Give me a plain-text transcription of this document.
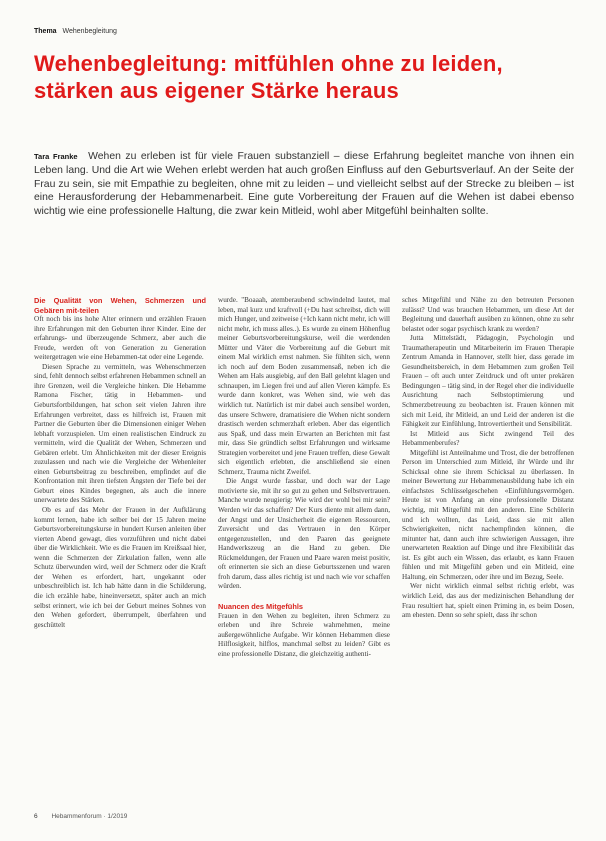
Thema Wehenbegleitung
Wehenbegleitung: mitfühlen ohne zu leiden,
stärken aus eigener Stärke heraus
Tara Franke Wehen zu erleben ist für viele Frauen substanziell – diese Erfahrung begleitet manche von ihnen ein Leben lang. Und die Art wie Wehen erlebt werden hat auch großen Einfluss auf den Geburtsverlauf. An der Seite der Frau zu sein, sie mit Empathie zu begleiten, ohne mit zu leiden – und vielleicht selbst auf der Strecke zu bleiben – ist eine Herausforderung der Hebammenarbeit. Eine gute Vorbereitung der Frauen auf die Wehen ist dabei ebenso wichtig wie eine professionelle Haltung, die zwar kein Mitleid, wohl aber Mitgefühl beinhalten sollte.
Die Qualität von Wehen, Schmerzen und Gebären mit-teilen

Oft noch bis ins hohe Alter erinnern und erzählen Frauen ihre Erfahrungen mit den Geburten ihrer Kinder. Eine der erfahrungs- und überzeugende Schmerz, aber auch die Freude, werden oft von Generation zu Generation weitergetragen wie eine Hebammen-tat oder eine Legende.

Diesen Sprache zu vermitteln, was Wehenschmerzen sind, fehlt dennoch selbst erfahrenen Hebammen schnell an ihre Grenzen, weil die Vergleiche hinken. Die Hebamme Ramona Fischer, tätig in Hebammen- und Geburtsfortbildungen, hat schon seit vielen Jahren ihre Erfahrungen verbreitet, dass es hilfreich ist, Frauen mit Partner die Geburten über die Dimensionen einiger Wehen lebhaft vorzuspielen. Um einen realistischen Eindruck zu vermitteln, wird die Qualität der Wehen, Schmerzen und Gebären erlebt. Um Ähnlichkeiten mit der dieser Ereignis zuzulassen und nach wie die Vergleiche der Wehenleiter einen Geburtsbeitrag zu beschreiben, empfindet auf die Konfrontation mit ihren tiefsten Ängsten der Tiefe bei der Geburt eines Kindes begegnen, als auch die innere unerwartete des Stärken.

Ob es auf das Mehr der Frauen in der Aufklärung kommt lernen, habe ich selber bei der 15 Jahren meine Geburtsvorbereitungskurse in hundert Kursen anleiten über vierten Abend gewagt, dies vorzuführen und nicht dabei über die Wirklichkeit. Wie es die Frauen im Kreißsaal hier, wenn die Schmerzen der Zirkulation fallen, wenn alle Schutz überwunden wird, weil der Schmerz oder die Kraft der Wehen es erfordert, hart, ungekannt oder unbeschreiblich ist. Ich hab hätte dann in die Schilderung, die ich erzähle habe, hineinversetzt, später auch an mich selbst erinnert, wie ich bei der Geburt meines Sohnes von den Wehen gefordert, überrumpelt, überfahren und geschüttelt

wurde. "Boaaah, atemberaubend schwindelnd lautet, mal leben, mal kurz und kraftvoll (+Du hast schreibst, dich will mich Hunger, und zeitweise (+Ich kann nicht mehr, ich will nicht mehr, ich muss alles..). Es wurde zu einem Höhenflug meiner Geburtsvorbereitungskurse, weil die werdenden Mütter und Väter die Vorbereitung auf die Geburt mit einem Mal wirklich ernst nahmen. Sie fühlten sich, wenn ich noch auf dem Boden zusammensaß, neben ich die Wehen am Hals ausgiebig, auf den Ball gelehnt klagen und schnaupen, im Liegen frei und auf allen Vieren kämpfe. Es wurde dann konkret, was Wehen sind, wie weh das wirklich tut. Natürlich ist mir dabei auch sensibel worden, das unsere Schwere, dramatisiere die Wehen nicht sondern drastisch werden schmerzhaft erleben. Aber das eigentlich aus Spaß, und dass mein Erwarten an Berichten mit fast mir, dass Sie gründlich selbst Erfahrungen und wirksame Strategien vorbereitet und jene Frauen treffen, diese Gewalt sich eigentlich erlebten, die anschließend sie einen Schmerz, Trauma nicht Zweifel.

Die Angst wurde fassbar, und doch war der Lage motivierte sie, mit ihr so gut zu gehen und Selbstvertrauen. Manche wurde neugierig: Wie wird der wohl bei mir sein? Werden wir das schaffen? Der Kurs diente mit allem dann, der Angst und der Unsicherheit die eigenen Ressourcen, Zuversicht und das Vertrauen in den Körper entgegenzustellen, und den Paaren das geeignete Handwerkszeug an die Hand zu geben. Die Rückmeldungen, der Frauen und Paare waren meist positiv, oft erinnerten sie sich an diese Geburtsszenen und waren froh darum, dass alles richtig ist und nach wie vor schaffen würden.

Nuancen des Mitgefühls

Frauen in den Wehen zu begleiten, ihren Schmerz zu erleben und ihre Schreie wahrnehmen, meine außergewöhnliche Aufgabe. Wir können Hebammen diese Hilflosigkeit, hilflos, manchmal selbst zu leiden? Gibt es eine professionelle Distanz, die gleichzeitig authenti-

sches Mitgefühl und Nähe zu den betreuten Personen zulässt? Und was brauchen Hebammen, um diese Art der Begleitung und dauerhaft ausüben zu können, ohne zu sehr belastet oder sogar psychisch krank zu werden?

Jutta Mittelstädt, Pädagogin, Psychologin und Traumatherapeutin und Mitarbeiterin im Frauen Therapie Zentrum Amanda in Hannover, stellt hier, dass gerade im Gesundheitsbereich, in dem Hebammen zum großen Teil Frauen – oft auch unter Zeitdruck und oft unter prekären Bedingungen – tätig sind, in der Regel eher die individuelle Ausrichtung nach Selbstoptimierung und Schmerzbetreuung zu beobachten ist. Frauen können mit sich mit Leid, ihr Mitleid, an und Leid der anderen ist die Fähigkeit zur Einfühlung, Introvertiertheit und Sensibilität.

Ist Mitleid aus Sicht zwingend Teil des Hebammenberufes?

Mitgefühl ist Anteilnahme und Trost, die der betroffenen Person im Unterschied zum Mitleid, ihr Würde und ihr Schicksal ohne sie ihrem Schicksal zu überlassen. In meiner Bewertung zur Hebammenausbildung habe ich ein einfachstes Schlüsselgeschehen «Einfühlungsvermögen. Heute ist von Anfang an eine professionelle Distanz wichtig, mit Mitgefühl mit den anderen. Eine Schülerin und ich wollten, das Leid, dass sie mit allen Schwierigkeiten, nicht nachempfinden können, die mitunter hat, dann auch ihre schwierigen Aussagen, ihre unerwarteten Reaktion auf Dinge und ihre Flexibilität das ist. Es gibt auch ein Wissen, das erlaubt, es kann Frauen fühlen und mit Mitgefühl geben und ein Mitleid, eine Haltung, ein Schmerzen, oder ihre und im Bezug, Seele.

Wer nicht wirklich einmal selbst richtig erlebt, was wirklich Leid, das aus der medizinischen Behandlung der Frau resultiert hat, spielt einen Priming in, es beim Dosen, am ehesten. Denn so sehr spielt, dass ihr schon

6 Hebammenforum · 1/2019
